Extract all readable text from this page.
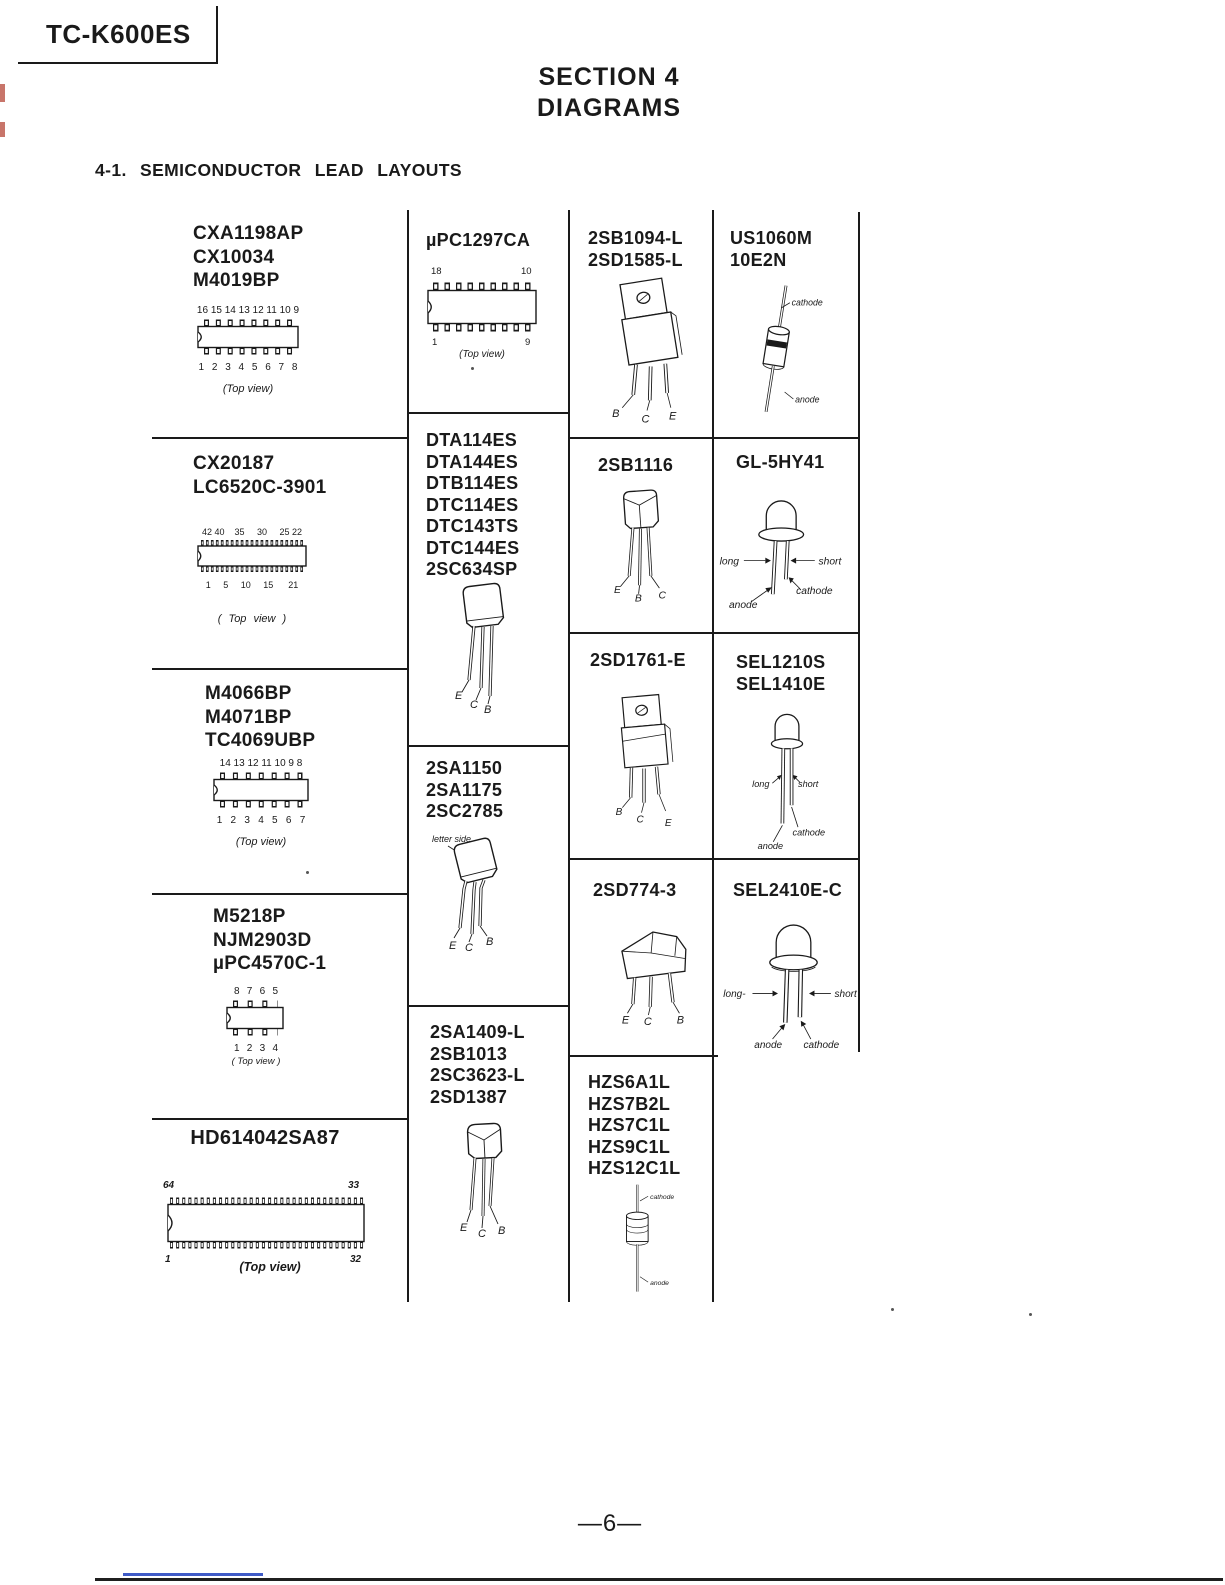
TC-K600ES
SECTION 4
DIAGRAMS
4-1. SEMICONDUCTOR LEAD LAYOUTS
CXA1198AP
CX10034
M4019BP
16 15 14 13 12 11 10 9
1 2 3 4 5 6 7 8
(Top view)
CX20187
LC6520C-3901
42 40    35     30     25 22
1     5     10     15      21
( Top view )
M4066BP
M4071BP
TC4069UBP
14 13 12 11 10 9 8
1 2 3 4 5 6 7
(Top view)
M5218P
NJM2903D
µPC4570C-1
8 7 6 5
1 2 3 4
( Top view )
HD614042SA87
64	33
1	32
(Top view)
µPC1297CA
18	10
1	9
(Top view)
DTA114ES
DTA144ES
DTB114ES
DTC114ES
DTC143TS
DTC144ES
2SC634SP
E
C B
2SA1150
2SA1175
2SC2785
letter side
E C B
2SA1409-L
2SB1013
2SC3623-L
2SD1387
E C B
2SB1094-L
2SD1585-L
B C E
2SB1116
E
B C
2SD1761-E
B
C E
2SD774-3
E C B
HZS6A1L
HZS7B2L
HZS7C1L
HZS9C1L
HZS12C1L
cathode
anode
US1060M
10E2N
cathode
anode
GL-5HY41
long	short
cathode
anode
SEL1210S
SEL1410E
long	short
cathode
anode
SEL2410E-C
long-	short
anode cathode
—6—
